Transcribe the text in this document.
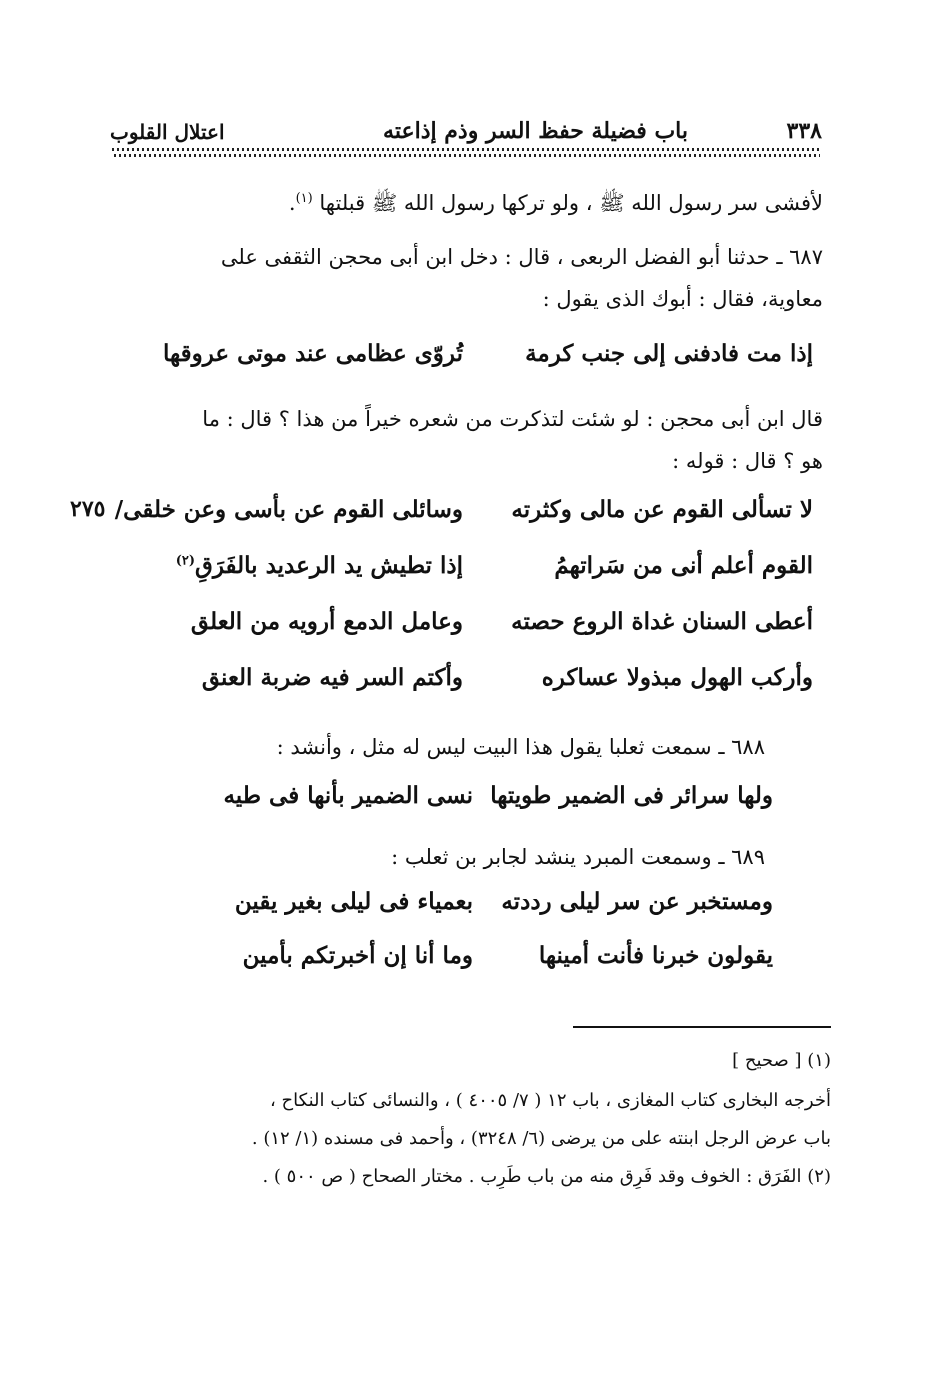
٣٣٨
باب فضيلة حفظ السر وذم إذاعته
اعتلال القلوب
لأفشى سر رسول الله ﷺ ، ولو تركها رسول الله ﷺ قبلتها $^{(١)}$.
٦٨٧ ـ حدثنا أبو الفضل الربعى ، قال : دخل ابن أبى محجن الثقفى على
معاوية، فقال : أبوك الذى يقول :
إذا مت فادفنى إلى جنب كرمة
تُروّى عظامى عند موتى عروقها
قال ابن أبى محجن : لو شئت لتذكرت من شعره خيراً من هذا ؟ قال : ما
هو ؟ قال : قوله :
٢٧٥	لا تسألى القوم عن مالى وكثرته
وسائلى القوم عن بأسى وعن خلقى/
القوم أعلم أنى من سَراتهمُ
إذا تطيش يد الرعديد بالفَرَقِ$^{(٢)}$
أعطى السنان غداة الروع حصته
وعامل الدمع أرويه من العلق
وأركب الهول مبذولا عساكره
وأكتم السر فيه ضربة العنق
٦٨٨ ـ سمعت ثعلبا يقول هذا البيت ليس له مثل ، وأنشد :
ولها سرائر فى الضمير طويتها
نسى الضمير بأنها فى طيه
٦٨٩ ـ وسمعت المبرد ينشد لجابر بن ثعلب :
ومستخبر عن سر ليلى رددته
بعمياء فى ليلى بغير يقين
يقولون خبرنا فأنت أمينها
وما أنا إن أخبرتكم بأمين
(١) [ صحيح ]
أخرجه البخارى كتاب المغازى ، باب ١٢ ( ٧/ ٤٠٠٥ ) ، والنسائى كتاب النكاح ،
باب عرض الرجل ابنته على من يرضى (٦/ ٣٢٤٨) ، وأحمد فى مسنده (١/ ١٢) .
(٢) الفَرَق : الخوف وقد فَرِق منه من باب طَرِب . مختار الصحاح ( ص ٥٠٠ ) .
